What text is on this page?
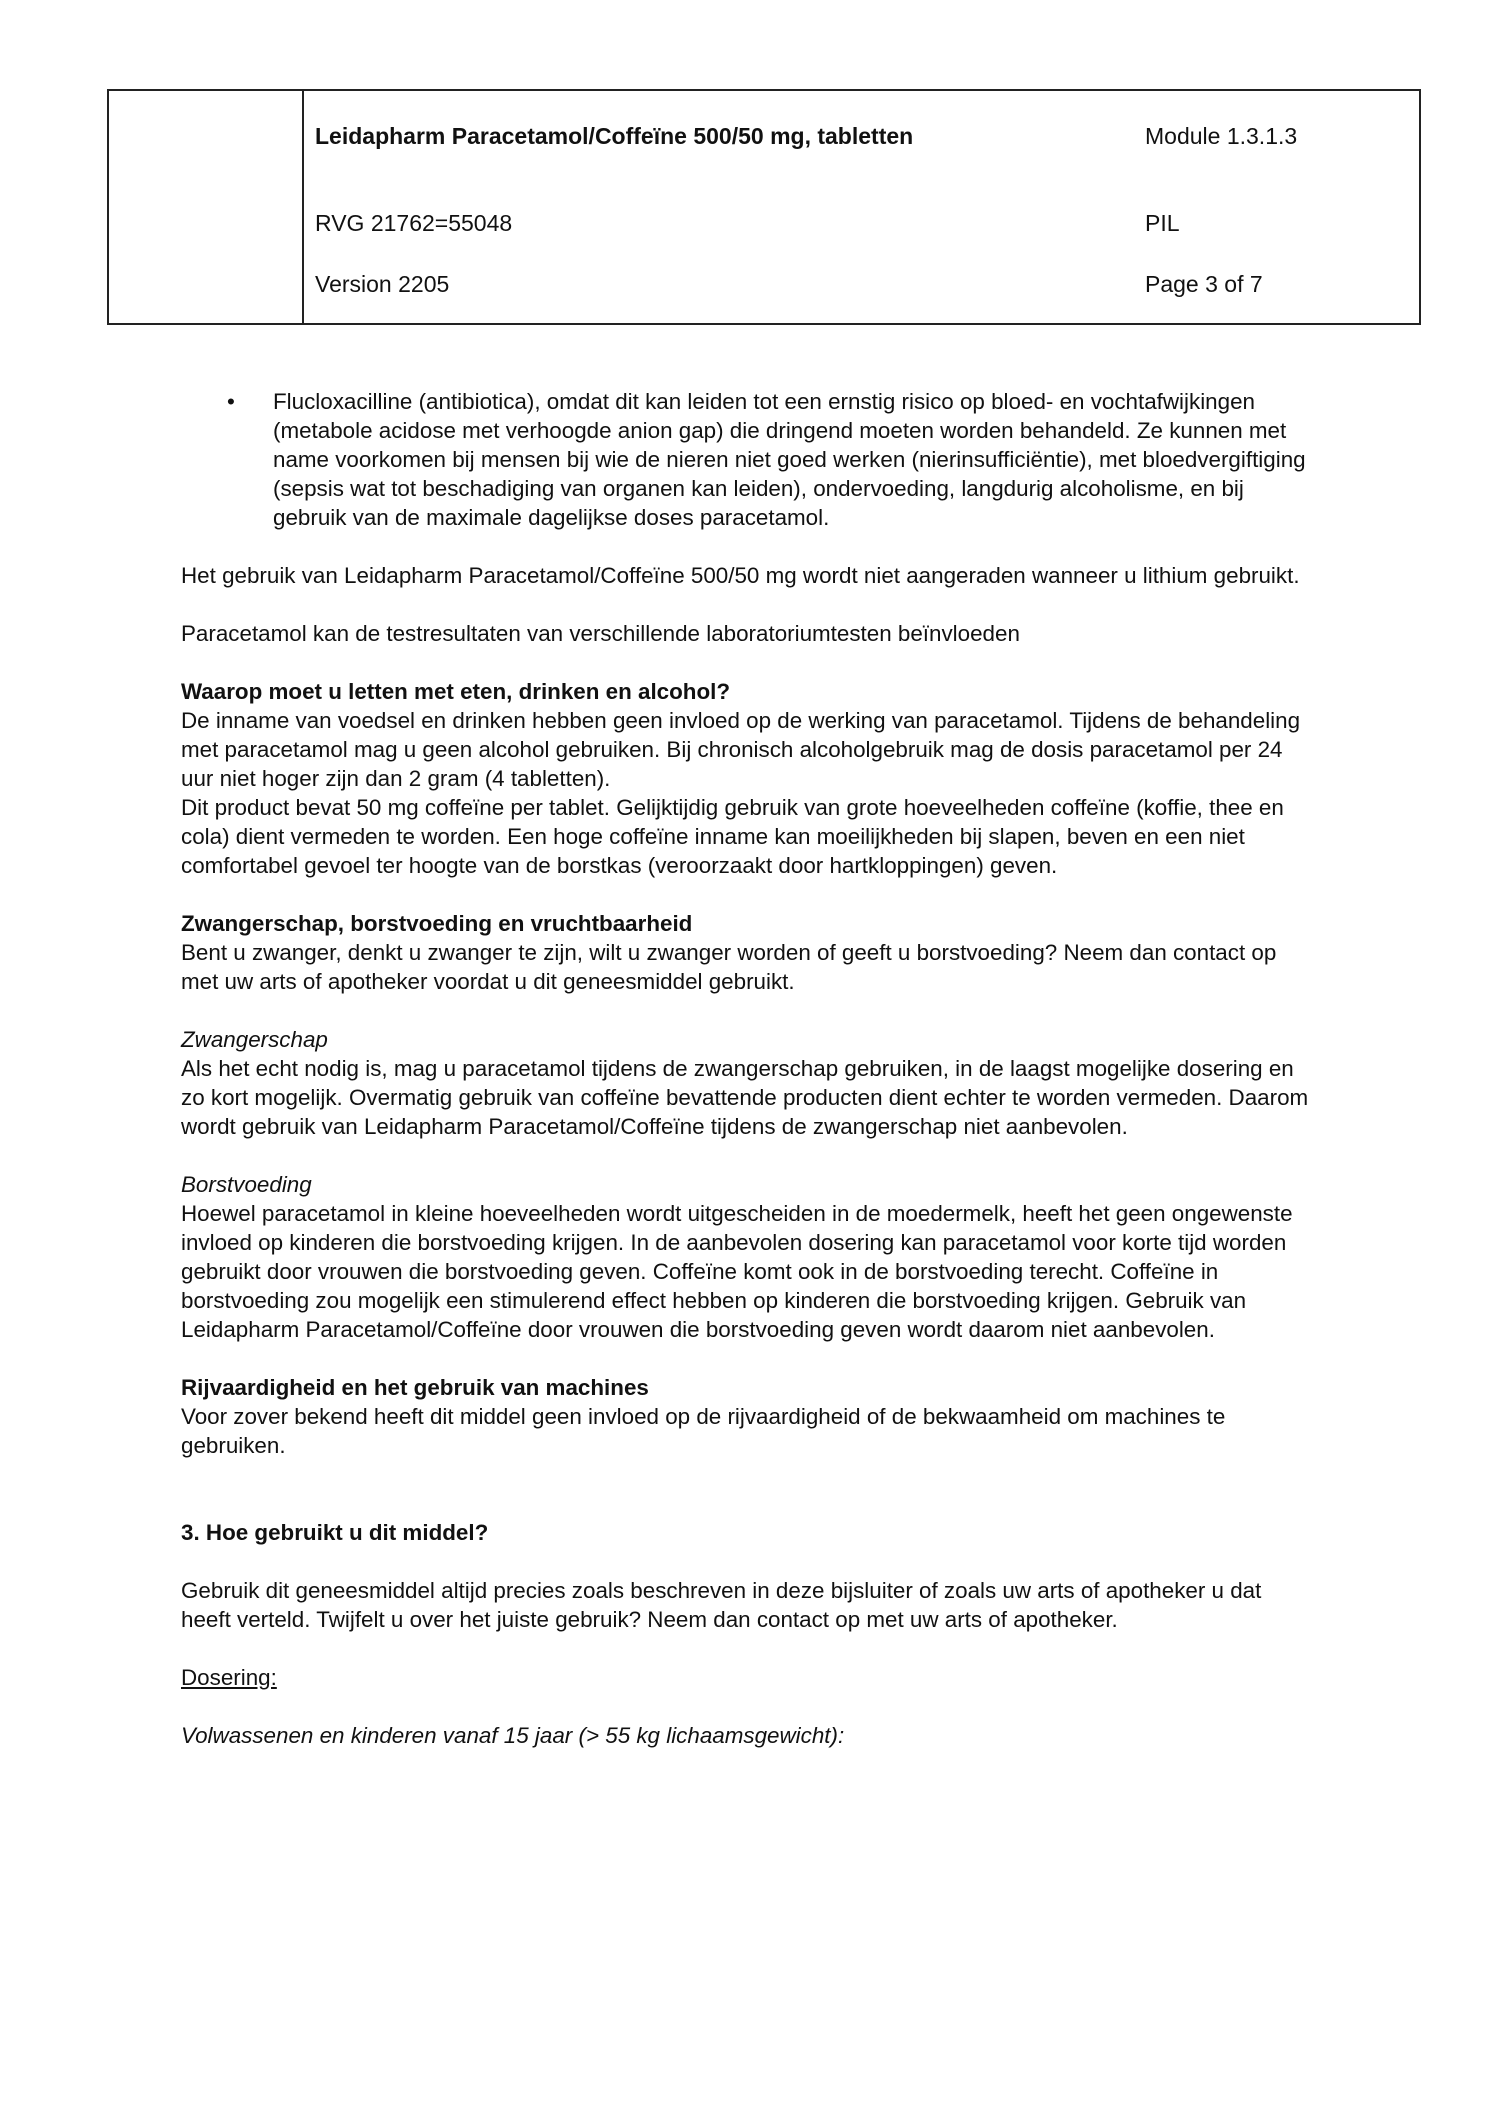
Leidapharm Paracetamol/Coffeïne 500/50 mg, tabletten	Module 1.3.1.3
RVG 21762=55048	PIL
Version 2205	Page 3 of 7

• Flucloxacilline (antibiotica), omdat dit kan leiden tot een ernstig risico op bloed- en vochtafwijkingen (metabole acidose met verhoogde anion gap) die dringend moeten worden behandeld. Ze kunnen met name voorkomen bij mensen bij wie de nieren niet goed werken (nierinsufficiëntie), met bloedvergiftiging (sepsis wat tot beschadiging van organen kan leiden), ondervoeding, langdurig alcoholisme, en bij gebruik van de maximale dagelijkse doses paracetamol.

Het gebruik van Leidapharm Paracetamol/Coffeïne 500/50 mg wordt niet aangeraden wanneer u lithium gebruikt.

Paracetamol kan de testresultaten van verschillende laboratoriumtesten beïnvloeden

Waarop moet u letten met eten, drinken en alcohol?

De inname van voedsel en drinken hebben geen invloed op de werking van paracetamol. Tijdens de behandeling met paracetamol mag u geen alcohol gebruiken. Bij chronisch alcoholgebruik mag de dosis paracetamol per 24 uur niet hoger zijn dan 2 gram (4 tabletten).

Dit product bevat 50 mg coffeïne per tablet. Gelijktijdig gebruik van grote hoeveelheden coffeïne (koffie, thee en cola) dient vermeden te worden. Een hoge coffeïne inname kan moeilijkheden bij slapen, beven en een niet comfortabel gevoel ter hoogte van de borstkas (veroorzaakt door hartkloppingen) geven.

Zwangerschap, borstvoeding en vruchtbaarheid

Bent u zwanger, denkt u zwanger te zijn, wilt u zwanger worden of geeft u borstvoeding? Neem dan contact op met uw arts of apotheker voordat u dit geneesmiddel gebruikt.

Zwangerschap

Als het echt nodig is, mag u paracetamol tijdens de zwangerschap gebruiken, in de laagst mogelijke dosering en zo kort mogelijk. Overmatig gebruik van coffeïne bevattende producten dient echter te worden vermeden. Daarom wordt gebruik van Leidapharm Paracetamol/Coffeïne tijdens de zwangerschap niet aanbevolen.

Borstvoeding

Hoewel paracetamol in kleine hoeveelheden wordt uitgescheiden in de moedermelk, heeft het geen ongewenste invloed op kinderen die borstvoeding krijgen. In de aanbevolen dosering kan paracetamol voor korte tijd worden gebruikt door vrouwen die borstvoeding geven. Coffeïne komt ook in de borstvoeding terecht. Coffeïne in borstvoeding zou mogelijk een stimulerend effect hebben op kinderen die borstvoeding krijgen. Gebruik van Leidapharm Paracetamol/Coffeïne door vrouwen die borstvoeding geven wordt daarom niet aanbevolen.

Rijvaardigheid en het gebruik van machines

Voor zover bekend heeft dit middel geen invloed op de rijvaardigheid of de bekwaamheid om machines te gebruiken.

3. Hoe gebruikt u dit middel?

Gebruik dit geneesmiddel altijd precies zoals beschreven in deze bijsluiter of zoals uw arts of apotheker u dat heeft verteld. Twijfelt u over het juiste gebruik? Neem dan contact op met uw arts of apotheker.

Dosering:

Volwassenen en kinderen vanaf 15 jaar (> 55 kg lichaamsgewicht):
